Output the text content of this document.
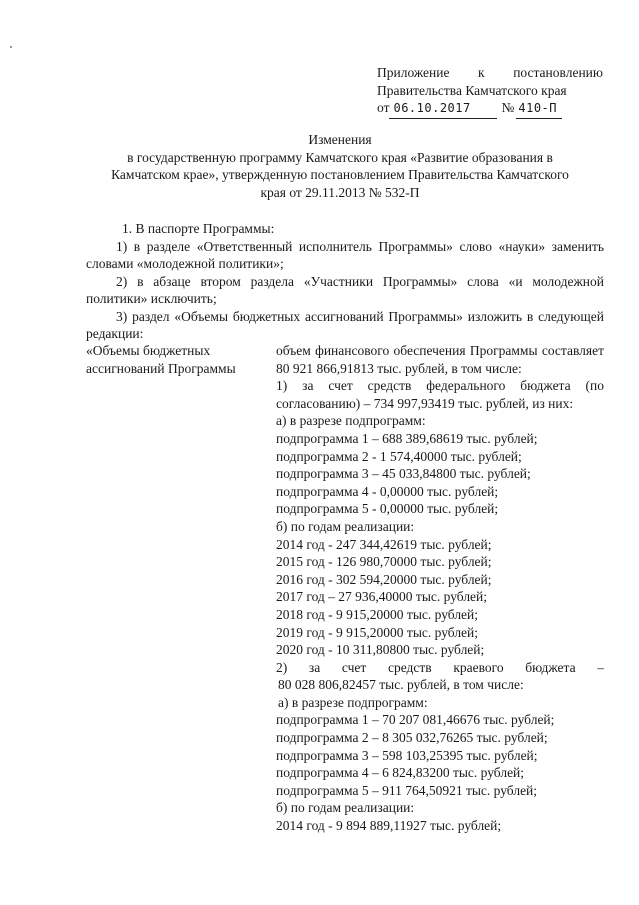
Приложение к постановлению
Правительства Камчатского края
от 06.10.2017	№ 410-П
Изменения
в государственную программу Камчатского края «Развитие образования в
Камчатском крае», утвержденную постановлением Правительства Камчатского
края от 29.11.2013 № 532-П

1. В паспорте Программы:

1) в разделе «Ответственный исполнитель Программы» слово «науки» заменить словами «молодежной политики»;

2) в абзаце втором раздела «Участники Программы» слова «и молодежной политики» исключить;

3) раздел «Объемы бюджетных ассигнований Программы» изложить в следующей редакции:

«Объемы бюджетных
ассигнований Программы
объем финансового обеспечения Программы составляет 80 921 866,91813 тыс. рублей, в том числе:
1) за счет средств федерального бюджета (по согласованию) – 734 997,93419 тыс. рублей, из них:
а) в разрезе подпрограмм:
подпрограмма 1 – 688 389,68619 тыс. рублей;
подпрограмма 2 - 1 574,40000 тыс. рублей;
подпрограмма 3 – 45 033,84800 тыс. рублей;
подпрограмма 4 - 0,00000 тыс. рублей;
подпрограмма 5 - 0,00000 тыс. рублей;
б) по годам реализации:
2014 год - 247 344,42619 тыс. рублей;
2015 год - 126 980,70000 тыс. рублей;
2016 год - 302 594,20000 тыс. рублей;
2017 год – 27 936,40000 тыс. рублей;
2018 год - 9 915,20000 тыс. рублей;
2019 год - 9 915,20000 тыс. рублей;
2020 год - 10 311,80800 тыс. рублей;
2) за счет средств краевого бюджета –
80 028 806,82457 тыс. рублей, в том числе:
а) в разрезе подпрограмм:
подпрограмма 1 – 70 207 081,46676 тыс. рублей;
подпрограмма 2 – 8 305 032,76265 тыс. рублей;
подпрограмма 3 – 598 103,25395 тыс. рублей;
подпрограмма 4 – 6 824,83200 тыс. рублей;
подпрограмма 5 – 911 764,50921 тыс. рублей;
б) по годам реализации:
2014 год - 9 894 889,11927 тыс. рублей;
